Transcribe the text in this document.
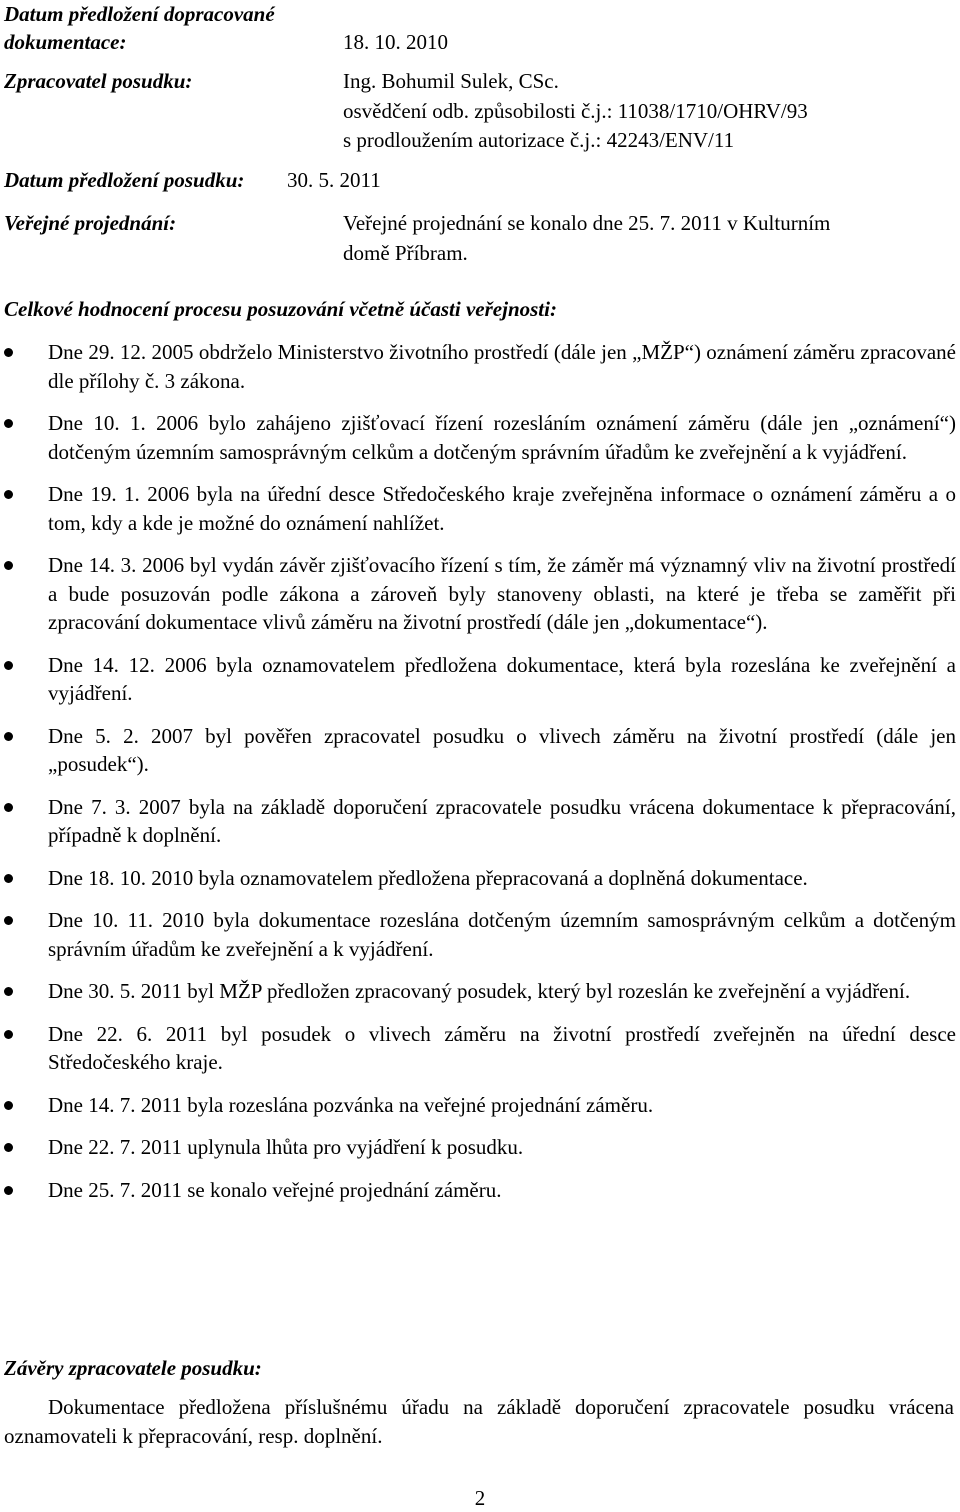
Datum předložení dopracované
dokumentace:	18. 10. 2010
Zpracovatel posudku:	Ing. Bohumil Sulek, CSc.
osvědčení odb. způsobilosti č.j.: 11038/1710/OHRV/93
s prodloužením autorizace č.j.: 42243/ENV/11
Datum předložení posudku: 30. 5. 2011
Veřejné projednání:	Veřejné projednání se konalo dne 25. 7. 2011 v Kulturním
domě Příbram.
Celkové hodnocení procesu posuzování včetně účasti veřejnosti:
Dne 29. 12. 2005 obdrželo Ministerstvo životního prostředí (dále jen „MŽP“) oznámení záměru zpracované dle přílohy č. 3 zákona.
Dne 10. 1. 2006 bylo zahájeno zjišťovací řízení rozesláním oznámení záměru (dále jen „oznámení“) dotčeným územním samosprávným celkům a dotčeným správním úřadům ke zveřejnění a k vyjádření.
Dne 19. 1. 2006 byla na úřední desce Středočeského kraje zveřejněna informace o oznámení záměru a o tom, kdy a kde je možné do oznámení nahlížet.
Dne 14. 3. 2006 byl vydán závěr zjišťovacího řízení s tím, že záměr má významný vliv na životní prostředí a bude posuzován podle zákona a zároveň byly stanoveny oblasti, na které je třeba se zaměřit při zpracování dokumentace vlivů záměru na životní prostředí (dále jen „dokumentace“).
Dne 14. 12. 2006 byla oznamovatelem předložena dokumentace, která byla rozeslána ke zveřejnění a vyjádření.
Dne 5. 2. 2007 byl pověřen zpracovatel posudku o vlivech záměru na životní prostředí (dále jen „posudek“).
Dne 7. 3. 2007 byla na základě doporučení zpracovatele posudku vrácena dokumentace k přepracování, případně k doplnění.
Dne 18. 10. 2010 byla oznamovatelem předložena přepracovaná a doplněná dokumentace.
Dne 10. 11. 2010 byla dokumentace rozeslána dotčeným územním samosprávným celkům a dotčeným správním úřadům ke zveřejnění a k vyjádření.
Dne 30. 5. 2011 byl MŽP předložen zpracovaný posudek, který byl rozeslán ke zveřejnění a vyjádření.
Dne 22. 6. 2011 byl posudek o vlivech záměru na životní prostředí zveřejněn na úřední desce Středočeského kraje.
Dne 14. 7. 2011 byla rozeslána pozvánka na veřejné projednání záměru.
Dne 22. 7. 2011 uplynula lhůta pro vyjádření k posudku.
Dne 25. 7. 2011 se konalo veřejné projednání záměru.
Závěry zpracovatele posudku:
Dokumentace předložena příslušnému úřadu na základě doporučení zpracovatele posudku vrácena oznamovateli k přepracování, resp. doplnění.
2
